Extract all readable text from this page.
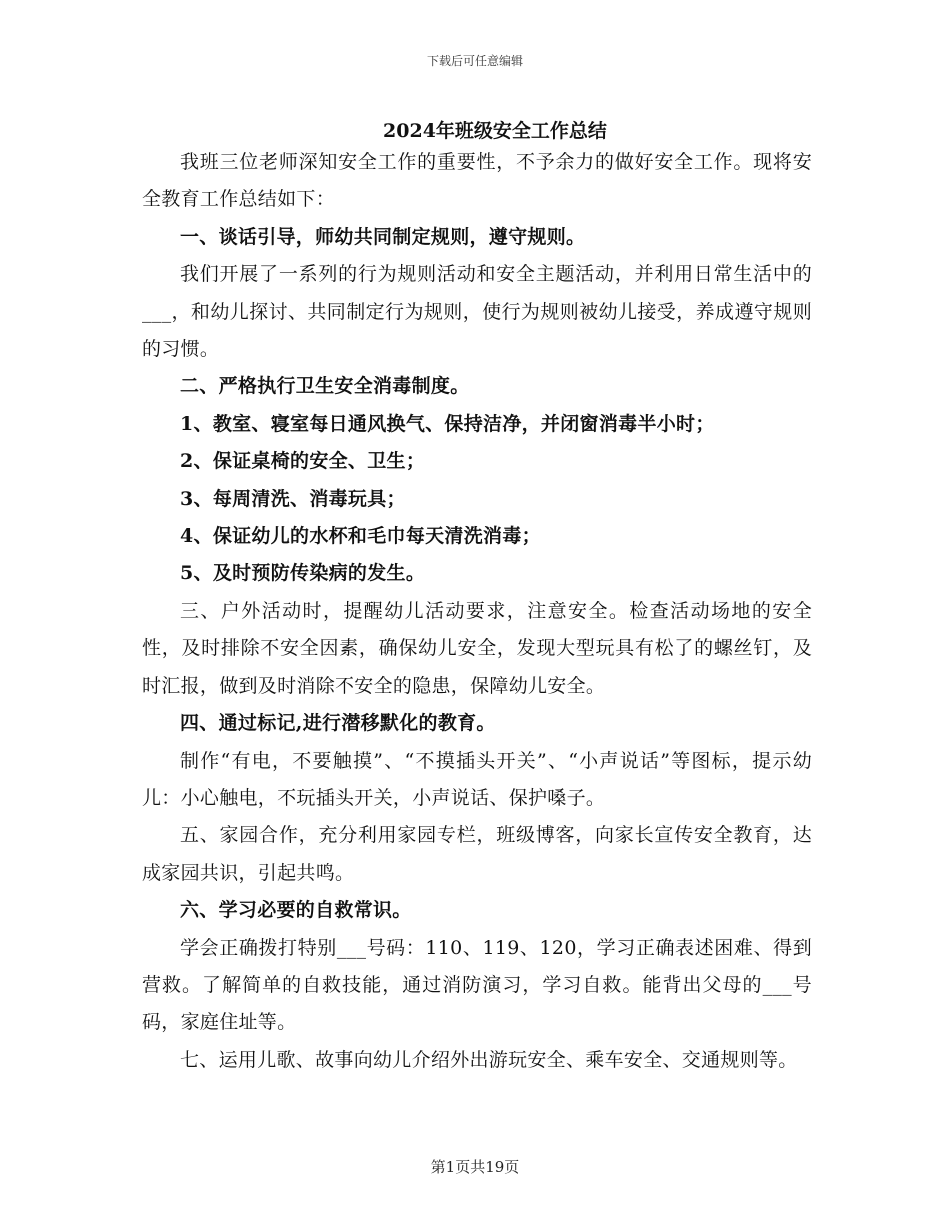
下载后可任意编辑
2024年班级安全工作总结

我班三位老师深知安全工作的重要性，不予余力的做好安全工作。现将安全教育工作总结如下：

一、谈话引导，师幼共同制定规则，遵守规则。

我们开展了一系列的行为规则活动和安全主题活动，并利用日常生活中的___，和幼儿探讨、共同制定行为规则，使行为规则被幼儿接受，养成遵守规则的习惯。

二、严格执行卫生安全消毒制度。

1、教室、寝室每日通风换气、保持洁净，并闭窗消毒半小时；

2、保证桌椅的安全、卫生；

3、每周清洗、消毒玩具；

4、保证幼儿的水杯和毛巾每天清洗消毒；

5、及时预防传染病的发生。

三、户外活动时，提醒幼儿活动要求，注意安全。检查活动场地的安全性，及时排除不安全因素，确保幼儿安全，发现大型玩具有松了的螺丝钉，及时汇报，做到及时消除不安全的隐患，保障幼儿安全。

四、通过标记,进行潜移默化的教育。

制作“有电，不要触摸”、“不摸插头开关”、“小声说话”等图标，提示幼儿：小心触电，不玩插头开关，小声说话、保护嗓子。

五、家园合作，充分利用家园专栏，班级博客，向家长宣传安全教育，达成家园共识，引起共鸣。

六、学习必要的自救常识。

学会正确拨打特别___号码：110、119、120，学习正确表述困难、得到营救。了解简单的自救技能，通过消防演习，学习自救。能背出父母的___号码，家庭住址等。

七、运用儿歌、故事向幼儿介绍外出游玩安全、乘车安全、交通规则等。

第1页共19页
